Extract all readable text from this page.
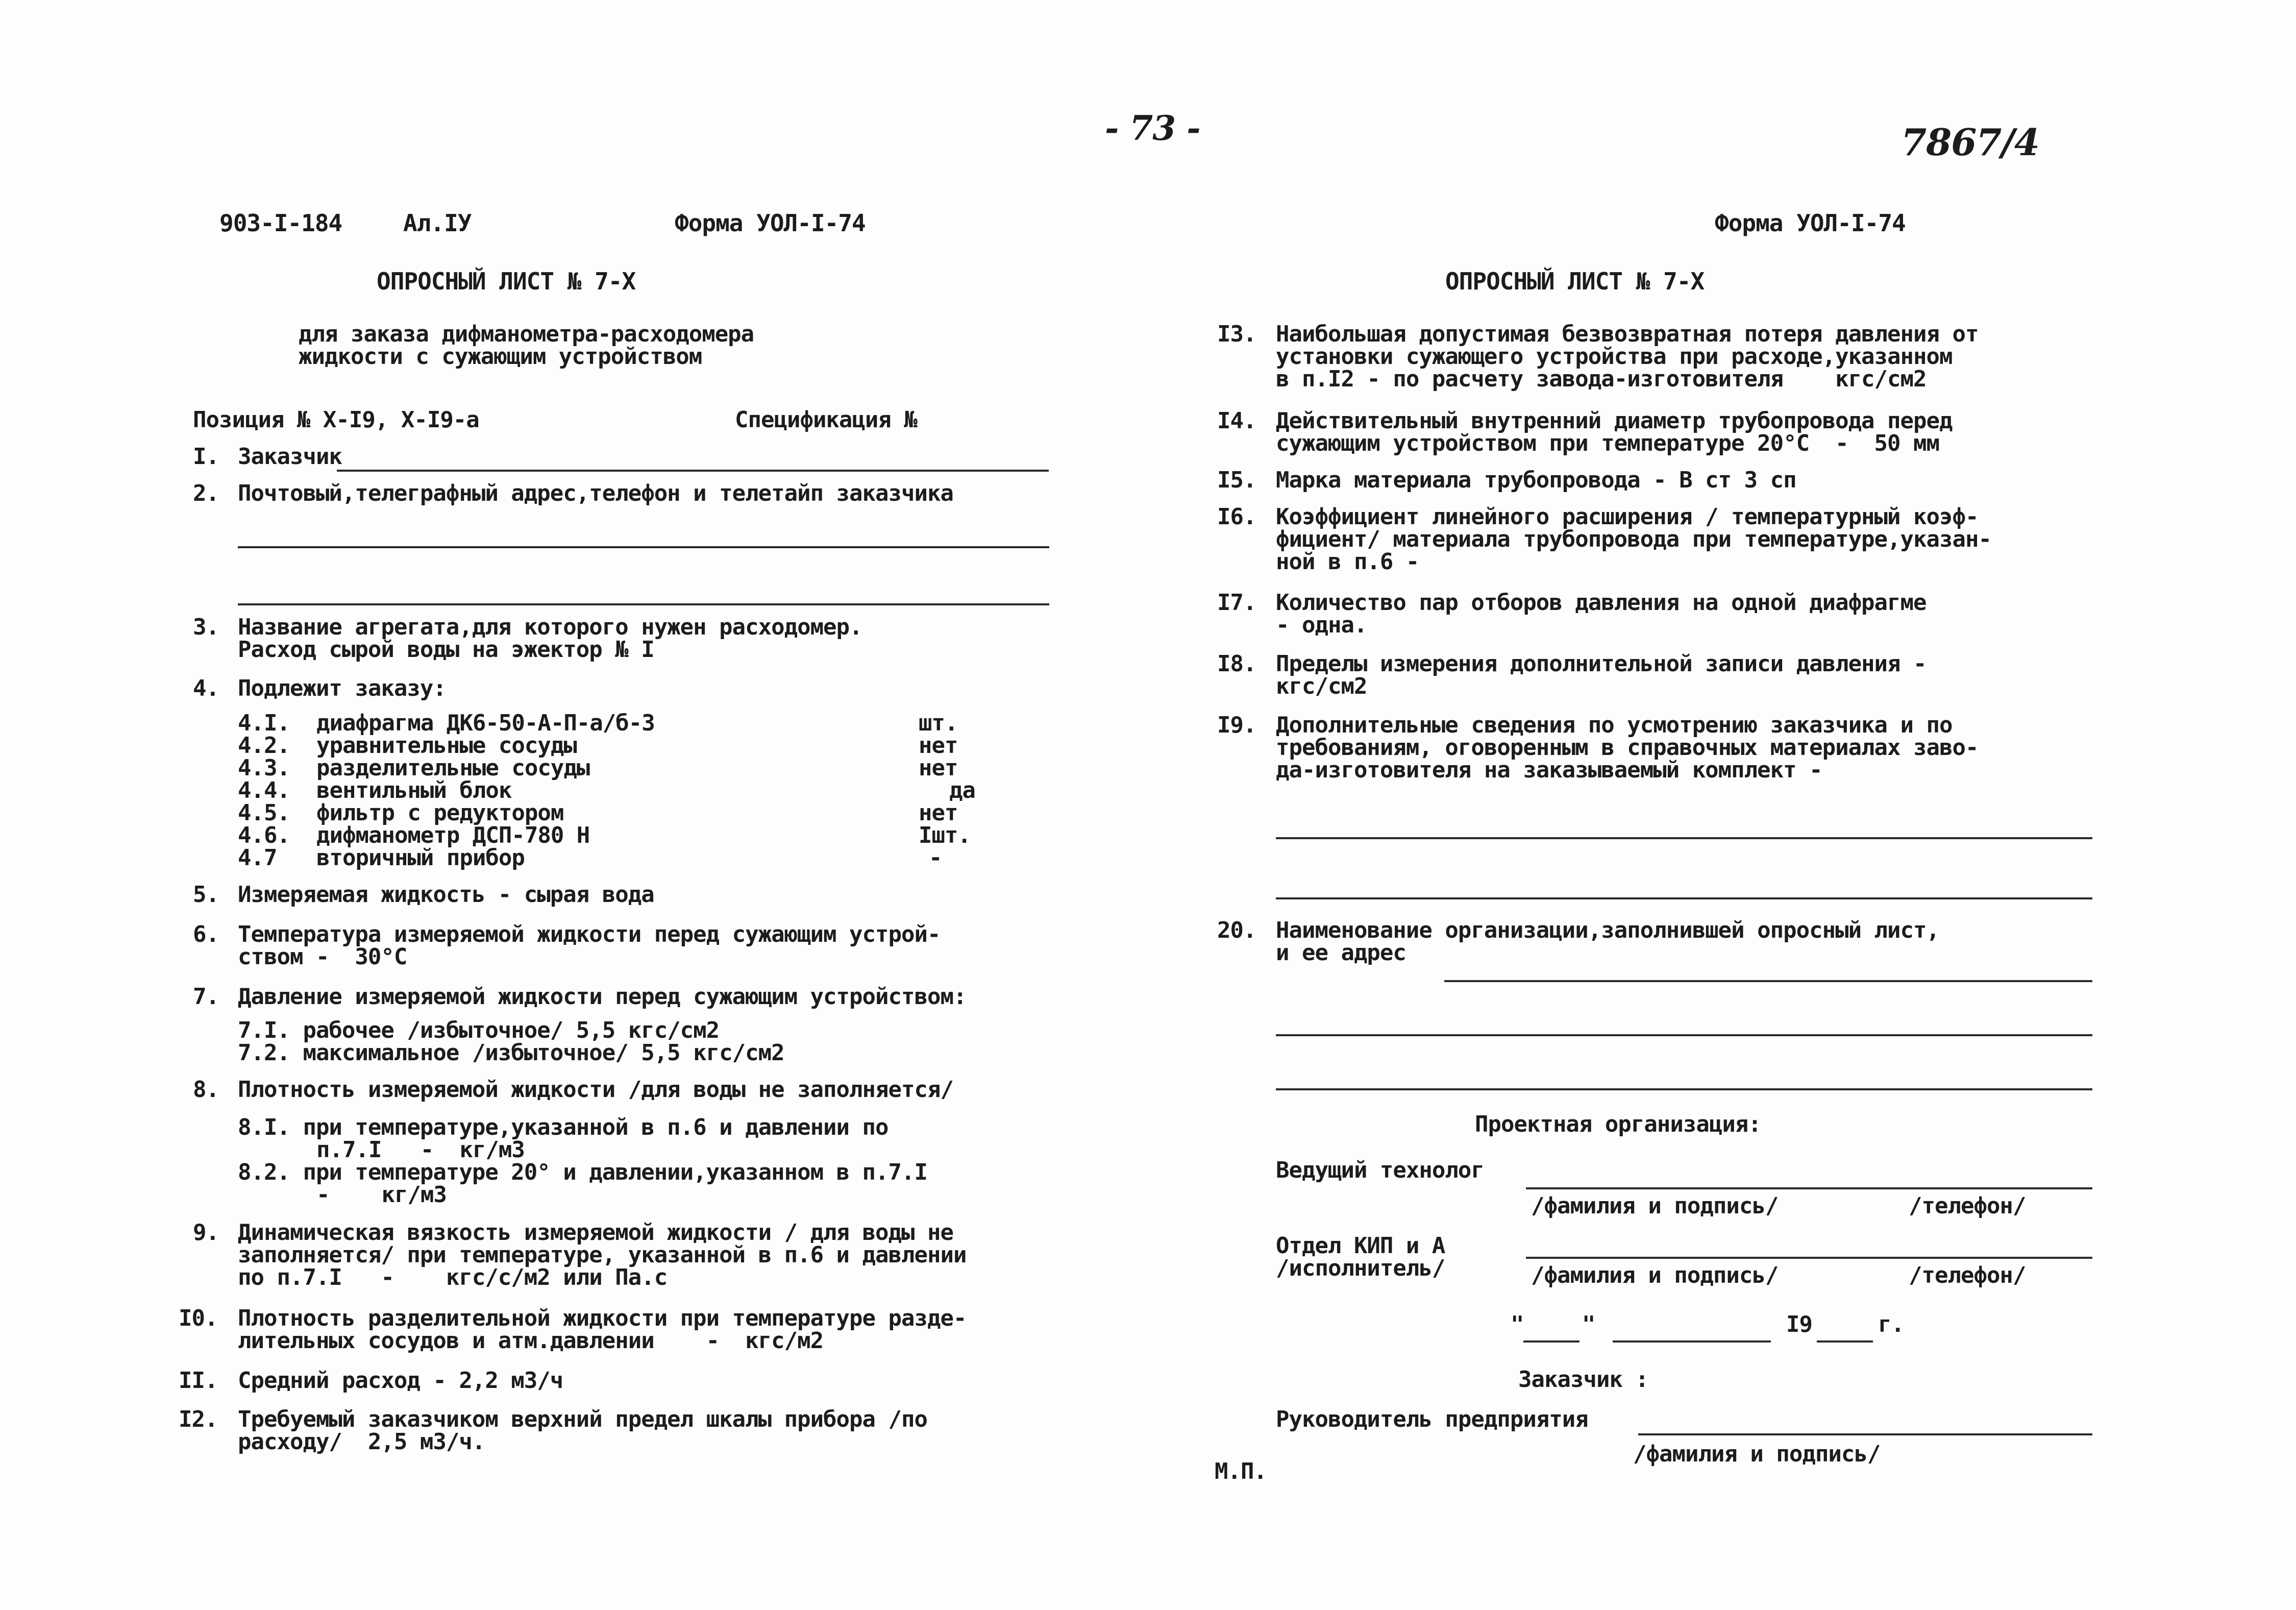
- 73 -	7867/4
903-I-184	Ал.IУ	Форма УОЛ-I-74
ОПРОСНЫЙ ЛИСТ № 7-Х
для заказа дифманометра-расходомера
жидкости с сужающим устройством
Позиция № Х-I9, Х-I9-а	Спецификация №
I. Заказчик
2. Почтовый,телеграфный адрес,телефон и телетайп заказчика
3. Название агрегата,для которого нужен расходомер.
Расход сырой воды на эжектор № I
4. Подлежит заказу:
4.I. диафрагма ДК6-50-А-П-а/б-3	шт.
4.2. уравнительные сосуды	нет
4.3. разделительные сосуды	нет
4.4. вентильный блок	да
4.5. фильтр с редуктором	нет
4.6. дифманометр ДСП-780 Н	Iшт.
4.7 вторичный прибор	-
5. Измеряемая жидкость - сырая вода
6. Температура измеряемой жидкости перед сужающим устрой-
ством -  30°С
7. Давление измеряемой жидкости перед сужающим устройством:
7.I. рабочее /избыточное/ 5,5 кгс/см2
7.2. максимальное /избыточное/ 5,5 кгс/см2
8. Плотность измеряемой жидкости /для воды не заполняется/
8.I. при температуре,указанной в п.6 и давлении по
п.7.I   -  кг/м3
8.2. при температуре 20° и давлении,указанном в п.7.I
-    кг/м3
9. Динамическая вязкость измеряемой жидкости / для воды не
заполняется/ при температуре, указанной в п.6 и давлении
по п.7.I   -    кгс/с/м2 или Па.с
I0. Плотность разделительной жидкости при температуре разде-
лительных сосудов и атм.давлении    -  кгс/м2
II. Средний расход - 2,2 м3/ч
I2. Требуемый заказчиком верхний предел шкалы прибора /по
расходу/  2,5 м3/ч.
Форма УОЛ-I-74
ОПРОСНЫЙ ЛИСТ № 7-Х
I3. Наибольшая допустимая безвозвратная потеря давления от
установки сужающего устройства при расходе,указанном
в п.I2 - по расчету завода-изготовителя    кгс/см2
I4. Действительный внутренний диаметр трубопровода перед
сужающим устройством при температуре 20°С  -  50 мм
I5. Марка материала трубопровода - В ст 3 сп
I6. Коэффициент линейного расширения / температурный коэф-
фициент/ материала трубопровода при температуре,указан-
ной в п.6 -
I7. Количество пар отборов давления на одной диафрагме
- одна.
I8. Пределы измерения дополнительной записи давления -
кгс/см2
I9. Дополнительные сведения по усмотрению заказчика и по
требованиям, оговоренным в справочных материалах заво-
да-изготовителя на заказываемый комплект -
20. Наименование организации,заполнившей опросный лист,
и ее адрес
Проектная организация:
Ведущий технолог
/фамилия и подпись/	/телефон/
Отдел КИП и А
/исполнитель/	/фамилия и подпись/	/телефон/
"	"	I9	г.
Заказчик :
Руководитель предприятия
/фамилия и подпись/
М.П.
